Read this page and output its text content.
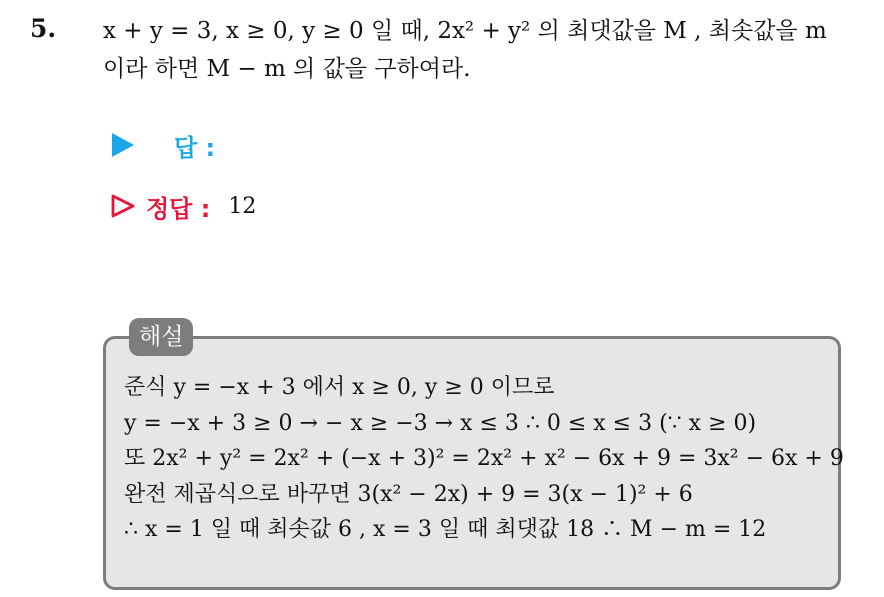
5. x + y = 3, x ≥ 0, y ≥ 0 일 때, 2x² + y² 의 최댓값을 M , 최솟값을 m
이라 하면 M − m 의 값을 구하여라.
답 :
정답 : 12
해설
준식 y = −x + 3 에서 x ≥ 0, y ≥ 0 이므로
y = −x + 3 ≥ 0 → − x ≥ −3 → x ≤ 3 ∴ 0 ≤ x ≤ 3 (∵ x ≥ 0)
또 2x² + y² = 2x² + (−x + 3)² = 2x² + x² − 6x + 9 = 3x² − 6x + 9
완전 제곱식으로 바꾸면 3(x² − 2x) + 9 = 3(x − 1)² + 6
∴ x = 1 일 때 최솟값 6 , x = 3 일 때 최댓값 18 ∴ M − m = 12
